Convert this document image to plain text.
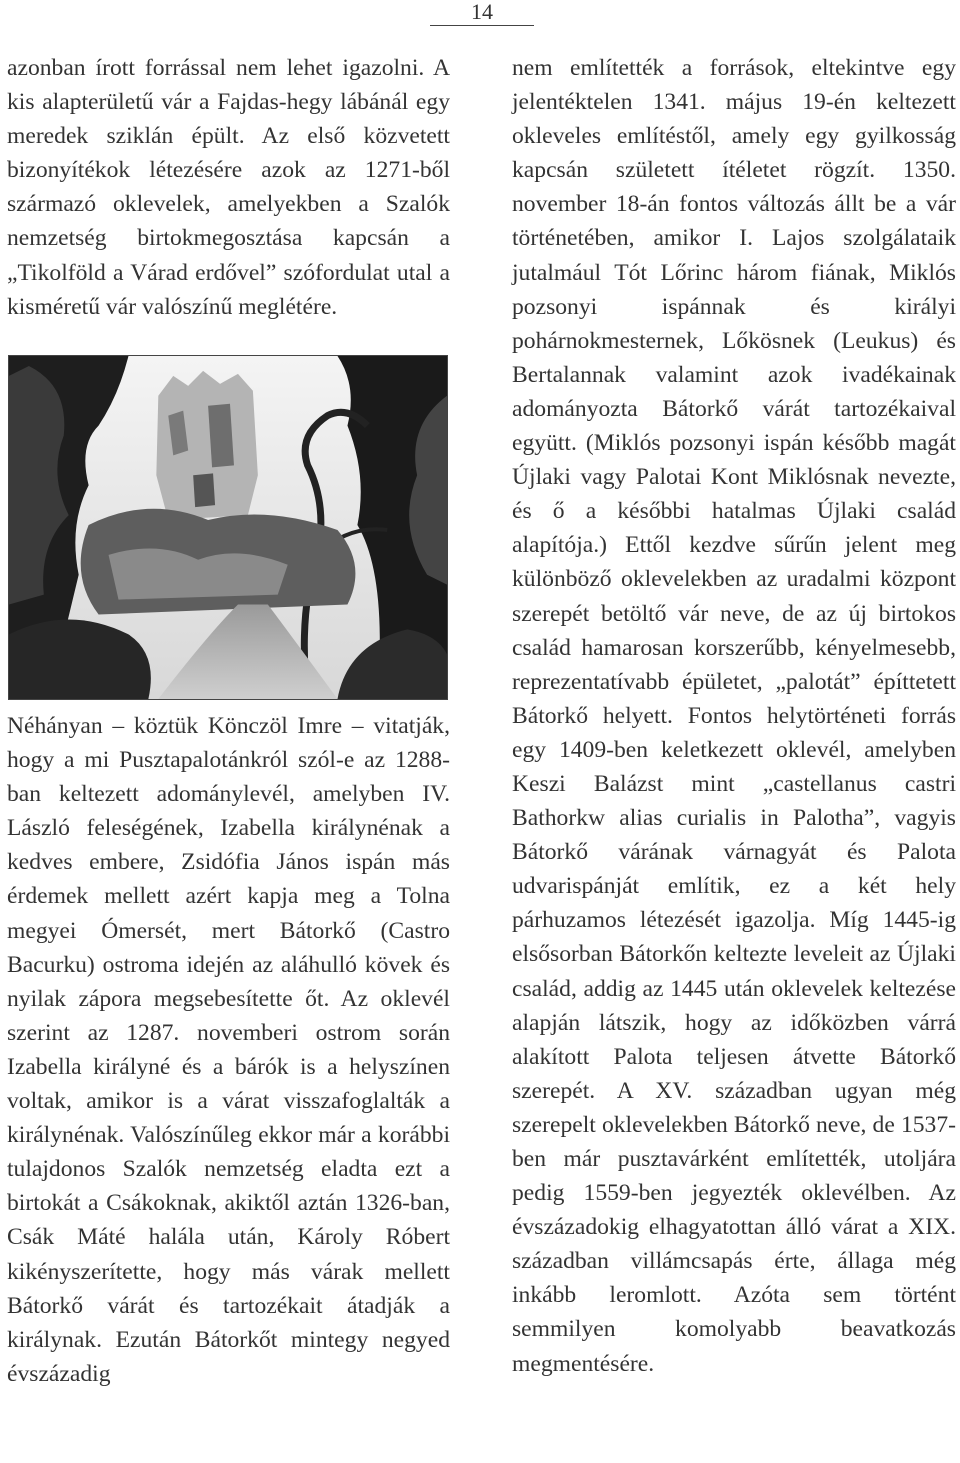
14

azonban írott forrással nem lehet igazolni. A kis alapterületű vár a Fajdas-hegy lábánál egy meredek sziklán épült. Az első közvetett bizonyítékok létezésére azok az 1271-ből származó oklevelek, amelyekben a Szalók nemzetség birtokmegosztása kapcsán a „Tikolföld a Várad erdővel” szófordulat utal a kisméretű vár valószínű meglétére.

Néhányan – köztük Könczöl Imre – vitatják, hogy a mi Pusztapalotánkról szól-e az 1288-ban keltezett adománylevél, amelyben IV. László feleségének, Izabella királynénak a kedves embere, Zsidófia János ispán más érdemek mellett azért kapja meg a Tolna megyei Ómersét, mert Bátorkő (Castro Bacurku) ostroma idején az aláhulló kövek és nyilak zápora megsebesítette őt. Az oklevél szerint az 1287. novemberi ostrom során Izabella királyné és a bárók is a helyszínen voltak, amikor is a várat visszafoglalták a királynénak. Valószínűleg ekkor már a korábbi tulajdonos Szalók nemzetség eladta ezt a birtokát a Csákoknak, akiktől aztán 1326-ban, Csák Máté halála után, Károly Róbert kikényszerítette, hogy más várak mellett Bátorkő várát és tartozékait átadják a királynak. Ezután Bátorkőt mintegy negyed évszázadig

nem említették a források, eltekintve egy jelentéktelen 1341. május 19-én keltezett okleveles említéstől, amely egy gyilkosság kapcsán született ítéletet rögzít. 1350. november 18-án fontos változás állt be a vár történetében, amikor I. Lajos szolgálataik jutalmául Tót Lőrinc három fiának, Miklós pozsonyi ispánnak és királyi pohárnokmesternek, Lőkösnek (Leukus) és Bertalannak valamint azok ivadékainak adományozta Bátorkő várát tartozékaival együtt. (Miklós pozsonyi ispán később magát Újlaki vagy Palotai Kont Miklósnak nevezte, és ő a későbbi hatalmas Újlaki család alapítója.) Ettől kezdve sűrűn jelent meg különböző oklevelekben az uradalmi központ szerepét betöltő vár neve, de az új birtokos család hamarosan korszerűbb, kényelmesebb, reprezentatívabb épületet, „palotát” építtetett Bátorkő helyett. Fontos helytörténeti forrás egy 1409-ben keletkezett oklevél, amelyben Keszi Balázst mint „castellanus castri Bathorkw alias curialis in Palotha”, vagyis Bátorkő várának várnagyát és Palota udvarispánját említik, ez a két hely párhuzamos létezését igazolja. Míg 1445-ig elsősorban Bátorkőn keltezte leveleit az Újlaki család, addig az 1445 után oklevelek keltezése alapján látszik, hogy az időközben várrá alakított Palota teljesen átvette Bátorkő szerepét. A XV. században ugyan még szerepelt oklevelekben Bátorkő neve, de 1537-ben már pusztavárként említették, utoljára pedig 1559-ben jegyezték oklevélben. Az évszázadokig elhagyatottan álló várat a XIX. században villámcsapás érte, állaga még inkább leromlott. Azóta sem történt semmilyen komolyabb beavatkozás megmentésére.
